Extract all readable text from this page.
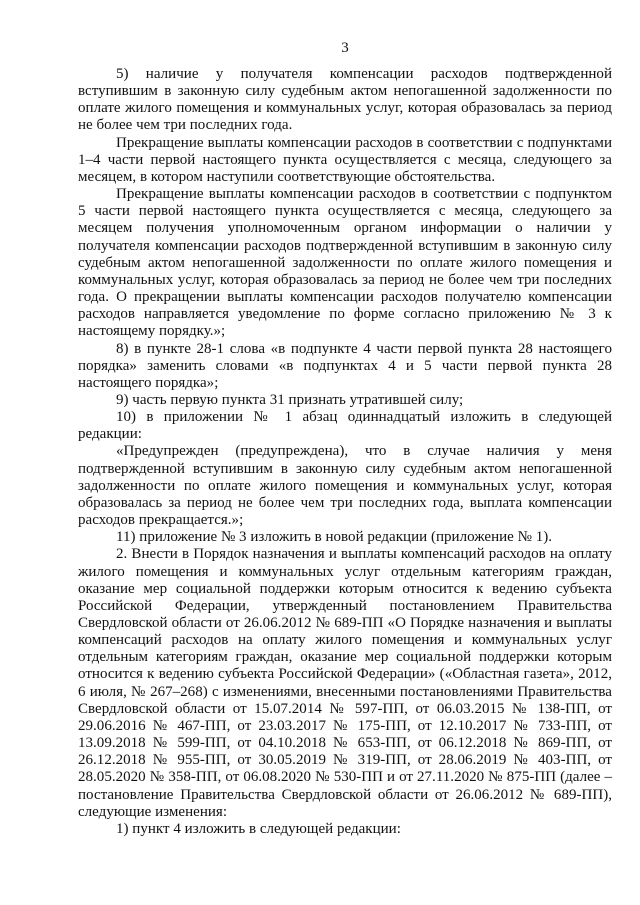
3

5) наличие у получателя компенсации расходов подтвержденной вступившим в законную силу судебным актом непогашенной задолженности по оплате жилого помещения и коммунальных услуг, которая образовалась за период не более чем три последних года.

Прекращение выплаты компенсации расходов в соответствии с подпунктами 1–4 части первой настоящего пункта осуществляется с месяца, следующего за месяцем, в котором наступили соответствующие обстоятельства.

Прекращение выплаты компенсации расходов в соответствии с подпунктом 5 части первой настоящего пункта осуществляется с месяца, следующего за месяцем получения уполномоченным органом информации о наличии у получателя компенсации расходов подтвержденной вступившим в законную силу судебным актом непогашенной задолженности по оплате жилого помещения и коммунальных услуг, которая образовалась за период не более чем три последних года. О прекращении выплаты компенсации расходов получателю компенсации расходов направляется уведомление по форме согласно приложению № 3 к настоящему порядку.»;

8) в пункте 28-1 слова «в подпункте 4 части первой пункта 28 настоящего порядка» заменить словами «в подпунктах 4 и 5 части первой пункта 28 настоящего порядка»;

9) часть первую пункта 31 признать утратившей силу;

10) в приложении № 1 абзац одиннадцатый изложить в следующей редакции:

«Предупрежден (предупреждена), что в случае наличия у меня подтвержденной вступившим в законную силу судебным актом непогашенной задолженности по оплате жилого помещения и коммунальных услуг, которая образовалась за период не более чем три последних года, выплата компенсации расходов прекращается.»;

11) приложение № 3 изложить в новой редакции (приложение № 1).

2. Внести в Порядок назначения и выплаты компенсаций расходов на оплату жилого помещения и коммунальных услуг отдельным категориям граждан, оказание мер социальной поддержки которым относится к ведению субъекта Российской Федерации, утвержденный постановлением Правительства Свердловской области от 26.06.2012 № 689-ПП «О Порядке назначения и выплаты компенсаций расходов на оплату жилого помещения и коммунальных услуг отдельным категориям граждан, оказание мер социальной поддержки которым относится к ведению субъекта Российской Федерации» («Областная газета», 2012, 6 июля, № 267–268) с изменениями, внесенными постановлениями Правительства Свердловской области от 15.07.2014 № 597-ПП, от 06.03.2015 № 138-ПП, от 29.06.2016 № 467-ПП, от 23.03.2017 № 175-ПП, от 12.10.2017 № 733-ПП, от 13.09.2018 № 599-ПП, от 04.10.2018 № 653-ПП, от 06.12.2018 № 869-ПП, от 26.12.2018 № 955-ПП, от 30.05.2019 № 319-ПП, от 28.06.2019 № 403-ПП, от 28.05.2020 № 358-ПП, от 06.08.2020 № 530-ПП и от 27.11.2020 № 875-ПП (далее – постановление Правительства Свердловской области от 26.06.2012 № 689-ПП), следующие изменения:

1) пункт 4 изложить в следующей редакции:
